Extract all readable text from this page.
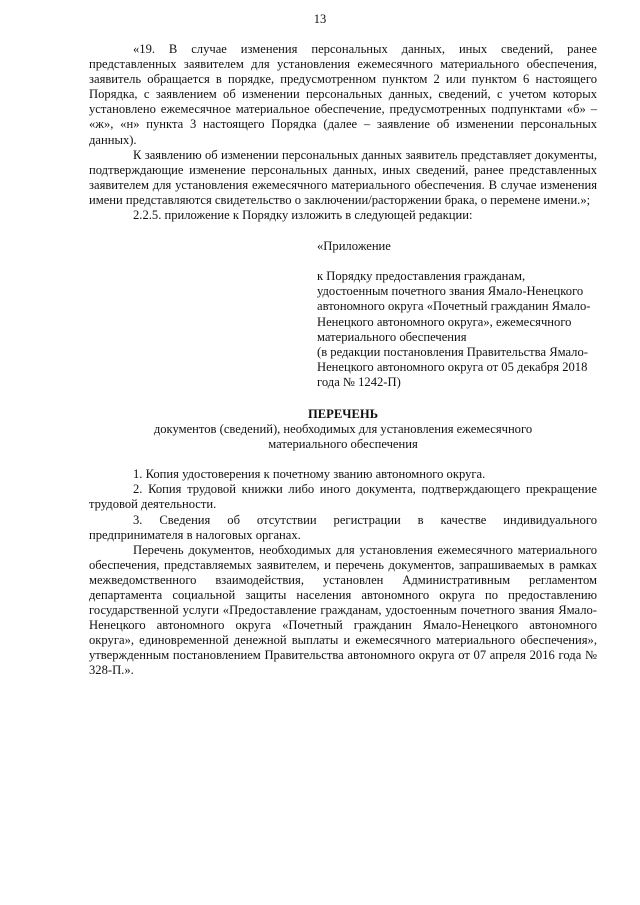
13

«19. В случае изменения персональных данных, иных сведений, ранее представленных заявителем для установления ежемесячного материального обеспечения, заявитель обращается в порядке, предусмотренном пунктом 2 или пунктом 6 настоящего Порядка, с заявлением об изменении персональных данных, сведений, с учетом которых установлено ежемесячное материальное обеспечение, предусмотренных подпунктами «б» – «ж», «н» пункта 3 настоящего Порядка (далее – заявление об изменении персональных данных).

К заявлению об изменении персональных данных заявитель представляет документы, подтверждающие изменение персональных данных, иных сведений, ранее представленных заявителем для установления ежемесячного материального обеспечения. В случае изменения имени представляются свидетельство о заключении/расторжении брака, о перемене имени.»;

2.2.5. приложение к Порядку изложить в следующей редакции:

«Приложение
к Порядку предоставления гражданам, удостоенным почетного звания Ямало-Ненецкого автономного округа «Почетный гражданин Ямало-Ненецкого автономного округа», ежемесячного материального обеспечения
(в редакции постановления Правительства Ямало-Ненецкого автономного округа от 05 декабря 2018 года № 1242-П)
ПЕРЕЧЕНЬ
документов (сведений), необходимых для установления ежемесячного материального обеспечения

1. Копия удостоверения к почетному званию автономного округа.

2. Копия трудовой книжки либо иного документа, подтверждающего прекращение трудовой деятельности.

3. Сведения об отсутствии регистрации в качестве индивидуального предпринимателя в налоговых органах.

Перечень документов, необходимых для установления ежемесячного материального обеспечения, представляемых заявителем, и перечень документов, запрашиваемых в рамках межведомственного взаимодействия, установлен Административным регламентом департамента социальной защиты населения автономного округа по предоставлению государственной услуги «Предоставление гражданам, удостоенным почетного звания Ямало-Ненецкого автономного округа «Почетный гражданин Ямало-Ненецкого автономного округа», единовременной денежной выплаты и ежемесячного материального обеспечения», утвержденным постановлением Правительства автономного округа от 07 апреля 2016 года № 328-П.».
